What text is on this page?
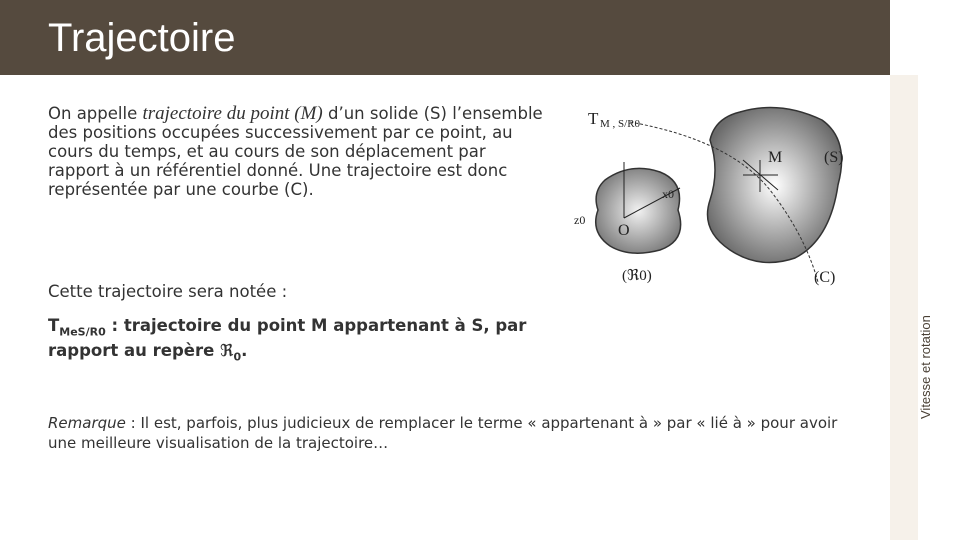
Trajectoire
Vitesse et rotation
On appelle trajectoire du point (M) d’un solide (S) l’ensemble des positions occupées successivement par ce point, au cours du temps, et au cours de son déplacement par rapport à un référentiel donné. Une trajectoire est donc représentée par une courbe (C).
Cette trajectoire sera notée :
$T_{MeS/R0}$ : trajectoire du point M appartenant à S, par rapport au repère ℜ$_0$.
Remarque : Il est, parfois, plus judicieux de remplacer le terme « appartenant à » par « lié à » pour avoir une meilleure visualisation de la trajectoire…
T M , S/R0
M	(S)
O
x0
z0
(ℜ0)	(C)
